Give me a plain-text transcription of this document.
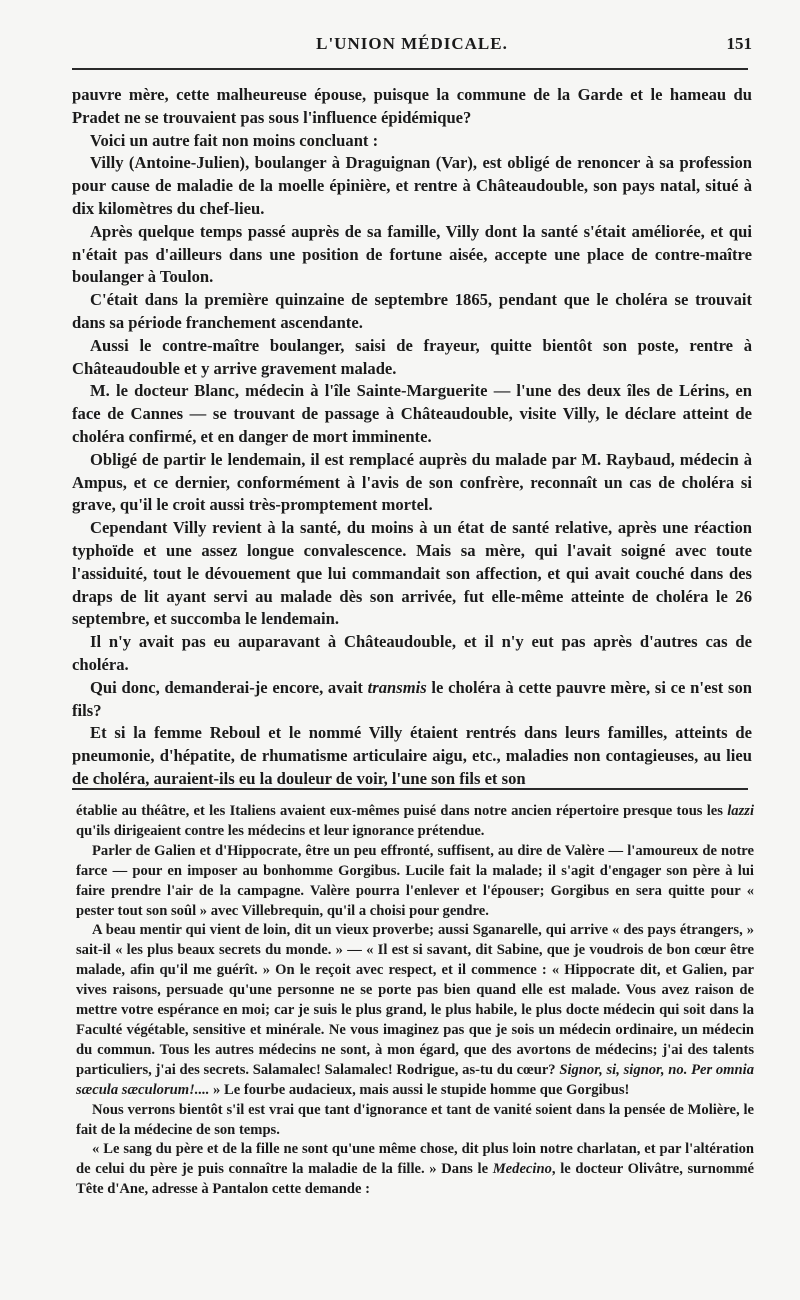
L'UNION MÉDICALE.	151

pauvre mère, cette malheureuse épouse, puisque la commune de la Garde et le hameau du Pradet ne se trouvaient pas sous l'influence épidémique?

Voici un autre fait non moins concluant :

Villy (Antoine-Julien), boulanger à Draguignan (Var), est obligé de renoncer à sa profession pour cause de maladie de la moelle épinière, et rentre à Châteaudouble, son pays natal, situé à dix kilomètres du chef-lieu.

Après quelque temps passé auprès de sa famille, Villy dont la santé s'était améliorée, et qui n'était pas d'ailleurs dans une position de fortune aisée, accepte une place de contre-maître boulanger à Toulon.

C'était dans la première quinzaine de septembre 1865, pendant que le choléra se trouvait dans sa période franchement ascendante.

Aussi le contre-maître boulanger, saisi de frayeur, quitte bientôt son poste, rentre à Châteaudouble et y arrive gravement malade.

M. le docteur Blanc, médecin à l'île Sainte-Marguerite — l'une des deux îles de Lérins, en face de Cannes — se trouvant de passage à Châteaudouble, visite Villy, le déclare atteint de choléra confirmé, et en danger de mort imminente.

Obligé de partir le lendemain, il est remplacé auprès du malade par M. Raybaud, médecin à Ampus, et ce dernier, conformément à l'avis de son confrère, reconnaît un cas de choléra si grave, qu'il le croit aussi très-promptement mortel.

Cependant Villy revient à la santé, du moins à un état de santé relative, après une réaction typhoïde et une assez longue convalescence. Mais sa mère, qui l'avait soigné avec toute l'assiduité, tout le dévouement que lui commandait son affection, et qui avait couché dans des draps de lit ayant servi au malade dès son arrivée, fut elle-même atteinte de choléra le 26 septembre, et succomba le lendemain.

Il n'y avait pas eu auparavant à Châteaudouble, et il n'y eut pas après d'autres cas de choléra.

Qui donc, demanderai-je encore, avait transmis le choléra à cette pauvre mère, si ce n'est son fils?

Et si la femme Reboul et le nommé Villy étaient rentrés dans leurs familles, atteints de pneumonie, d'hépatite, de rhumatisme articulaire aigu, etc., maladies non contagieuses, au lieu de choléra, auraient-ils eu la douleur de voir, l'une son fils et son

établie au théâtre, et les Italiens avaient eux-mêmes puisé dans notre ancien répertoire presque tous les lazzi qu'ils dirigeaient contre les médecins et leur ignorance prétendue.

Parler de Galien et d'Hippocrate, être un peu effronté, suffisent, au dire de Valère — l'amoureux de notre farce — pour en imposer au bonhomme Gorgibus. Lucile fait la malade; il s'agit d'engager son père à lui faire prendre l'air de la campagne. Valère pourra l'enlever et l'épouser; Gorgibus en sera quitte pour « pester tout son soûl » avec Villebrequin, qu'il a choisi pour gendre.

A beau mentir qui vient de loin, dit un vieux proverbe; aussi Sganarelle, qui arrive « des pays étrangers, » sait-il « les plus beaux secrets du monde. » — « Il est si savant, dit Sabine, que je voudrois de bon cœur être malade, afin qu'il me guérît. » On le reçoit avec respect, et il commence : « Hippocrate dit, et Galien, par vives raisons, persuade qu'une personne ne se porte pas bien quand elle est malade. Vous avez raison de mettre votre espérance en moi; car je suis le plus grand, le plus habile, le plus docte médecin qui soit dans la Faculté végétable, sensitive et minérale. Ne vous imaginez pas que je sois un médecin ordinaire, un médecin du commun. Tous les autres médecins ne sont, à mon égard, que des avortons de médecins; j'ai des talents particuliers, j'ai des secrets. Salamalec! Salamalec! Rodrigue, as-tu du cœur? Signor, si, signor, no. Per omnia sæcula sæculorum!.... » Le fourbe audacieux, mais aussi le stupide homme que Gorgibus!

Nous verrons bientôt s'il est vrai que tant d'ignorance et tant de vanité soient dans la pensée de Molière, le fait de la médecine de son temps.

« Le sang du père et de la fille ne sont qu'une même chose, dit plus loin notre charlatan, et par l'altération de celui du père je puis connaître la maladie de la fille. » Dans le Medecino, le docteur Olivâtre, surnommé Tête d'Ane, adresse à Pantalon cette demande :
